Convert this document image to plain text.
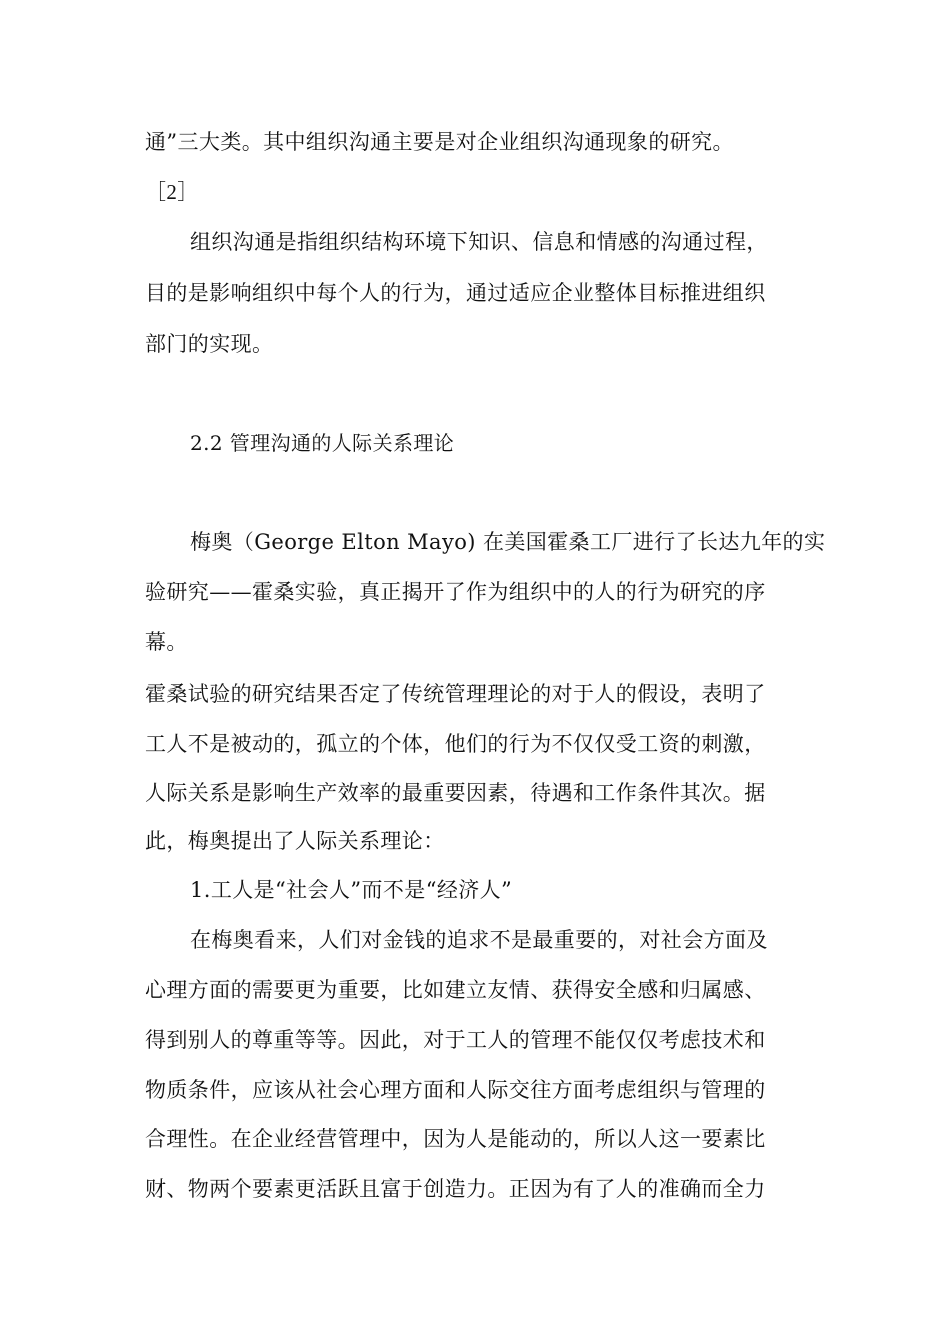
通”三大类。其中组织沟通主要是对企业组织沟通现象的研究。
［2］
组织沟通是指组织结构环境下知识、信息和情感的沟通过程，
目的是影响组织中每个人的行为，通过适应企业整体目标推进组织
部门的实现。
2.2 管理沟通的人际关系理论
梅奥（George Elton Mayo) 在美国霍桑工厂进行了长达九年的实
验研究——霍桑实验，真正揭开了作为组织中的人的行为研究的序
幕。
霍桑试验的研究结果否定了传统管理理论的对于人的假设，表明了
工人不是被动的，孤立的个体，他们的行为不仅仅受工资的刺激，
人际关系是影响生产效率的最重要因素，待遇和工作条件其次。据
此，梅奥提出了人际关系理论：
1.工人是“社会人”而不是“经济人”
在梅奥看来，人们对金钱的追求不是最重要的，对社会方面及
心理方面的需要更为重要，比如建立友情、获得安全感和归属感、
得到别人的尊重等等。因此，对于工人的管理不能仅仅考虑技术和
物质条件，应该从社会心理方面和人际交往方面考虑组织与管理的
合理性。在企业经营管理中，因为人是能动的，所以人这一要素比
财、物两个要素更活跃且富于创造力。正因为有了人的准确而全力
